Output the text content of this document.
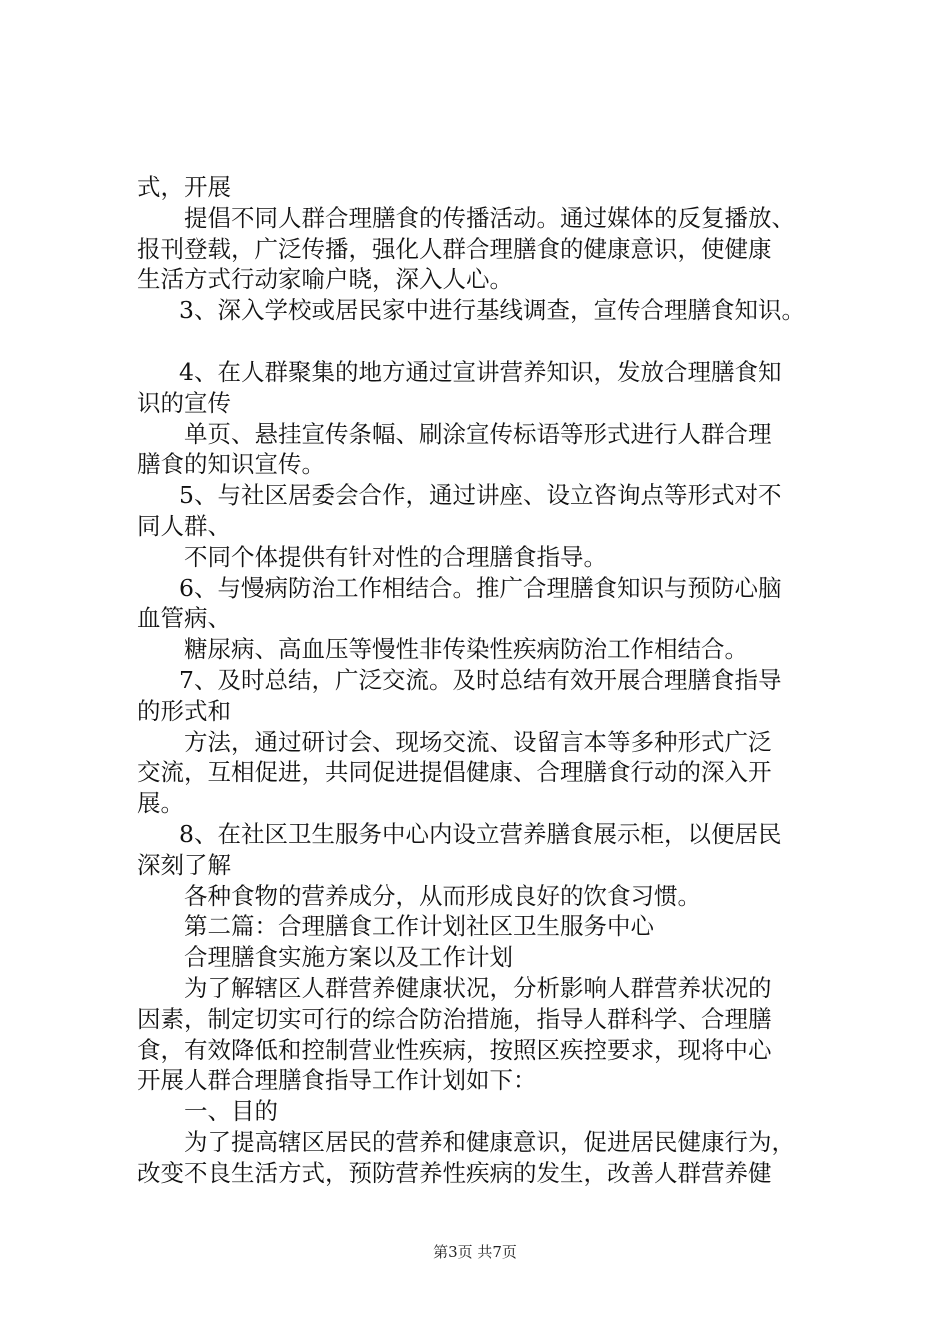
式，开展
提倡不同人群合理膳食的传播活动。通过媒体的反复播放、
报刊登载，广泛传播，强化人群合理膳食的健康意识，使健康
生活方式行动家喻户晓，深入人心。
3、深入学校或居民家中进行基线调查，宣传合理膳食知识。
4、在人群聚集的地方通过宣讲营养知识，发放合理膳食知
识的宣传
单页、悬挂宣传条幅、刷涂宣传标语等形式进行人群合理
膳食的知识宣传。
5、与社区居委会合作，通过讲座、设立咨询点等形式对不
同人群、
不同个体提供有针对性的合理膳食指导。
6、与慢病防治工作相结合。推广合理膳食知识与预防心脑
血管病、
糖尿病、高血压等慢性非传染性疾病防治工作相结合。
7、及时总结，广泛交流。及时总结有效开展合理膳食指导
的形式和
方法，通过研讨会、现场交流、设留言本等多种形式广泛
交流，互相促进，共同促进提倡健康、合理膳食行动的深入开
展。
8、在社区卫生服务中心内设立营养膳食展示柜，以便居民
深刻了解
各种食物的营养成分，从而形成良好的饮食习惯。
第二篇：合理膳食工作计划社区卫生服务中心
合理膳食实施方案以及工作计划
为了解辖区人群营养健康状况，分析影响人群营养状况的
因素，制定切实可行的综合防治措施，指导人群科学、合理膳
食，有效降低和控制营业性疾病，按照区疾控要求，现将中心
开展人群合理膳食指导工作计划如下：
一、目的
为了提高辖区居民的营养和健康意识，促进居民健康行为，
改变不良生活方式，预防营养性疾病的发生，改善人群营养健
第3页 共7页
